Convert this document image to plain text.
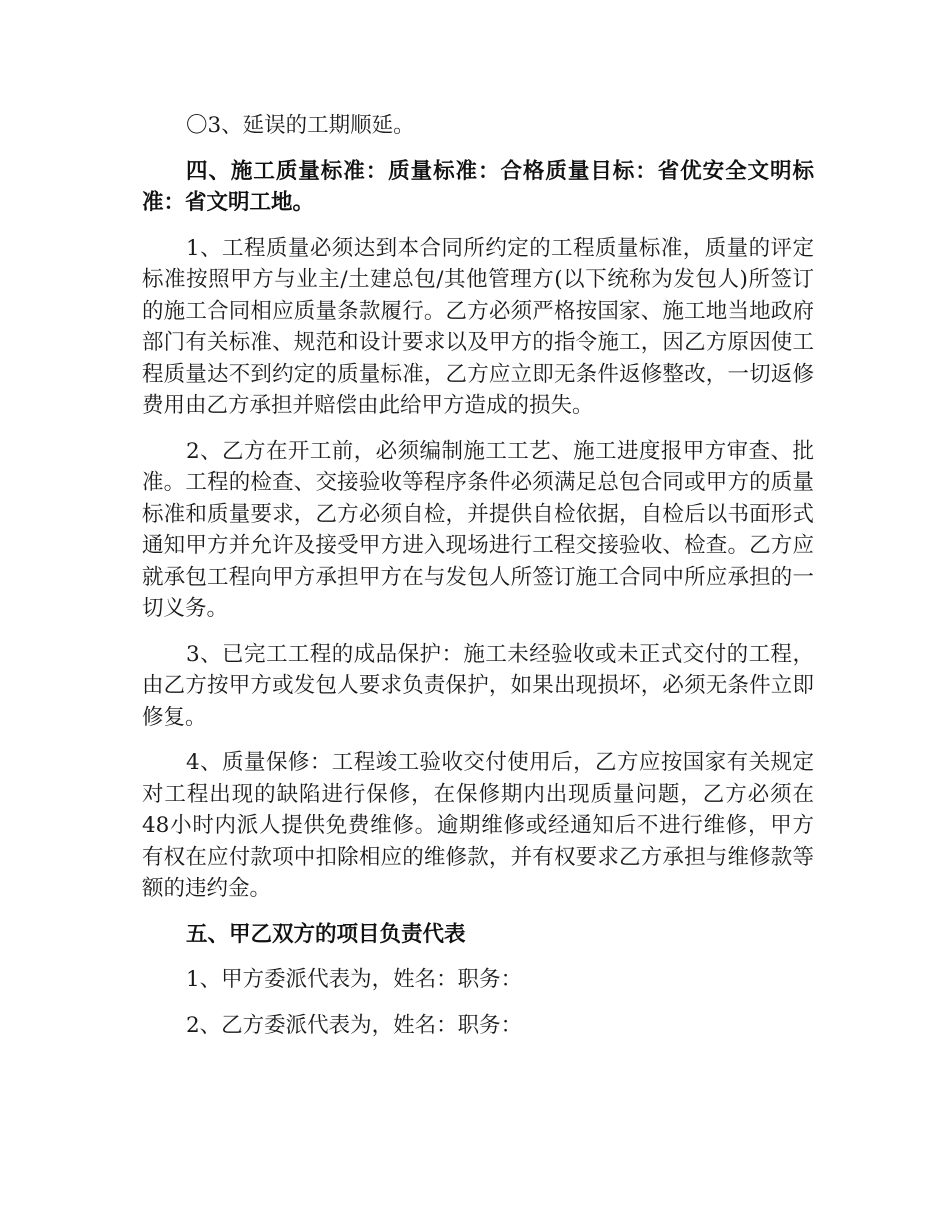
〇3、延误的工期顺延。

四、施工质量标准：质量标准：合格质量目标：省优安全文明标准：省文明工地。

1、工程质量必须达到本合同所约定的工程质量标准，质量的评定标准按照甲方与业主/土建总包/其他管理方(以下统称为发包人)所签订的施工合同相应质量条款履行。乙方必须严格按国家、施工地当地政府部门有关标准、规范和设计要求以及甲方的指令施工，因乙方原因使工程质量达不到约定的质量标准，乙方应立即无条件返修整改，一切返修费用由乙方承担并赔偿由此给甲方造成的损失。

2、乙方在开工前，必须编制施工工艺、施工进度报甲方审查、批准。工程的检查、交接验收等程序条件必须满足总包合同或甲方的质量标准和质量要求，乙方必须自检，并提供自检依据，自检后以书面形式通知甲方并允许及接受甲方进入现场进行工程交接验收、检查。乙方应就承包工程向甲方承担甲方在与发包人所签订施工合同中所应承担的一切义务。

3、已完工工程的成品保护：施工未经验收或未正式交付的工程，由乙方按甲方或发包人要求负责保护，如果出现损坏，必须无条件立即修复。

4、质量保修：工程竣工验收交付使用后，乙方应按国家有关规定对工程出现的缺陷进行保修，在保修期内出现质量问题，乙方必须在48小时内派人提供免费维修。逾期维修或经通知后不进行维修，甲方有权在应付款项中扣除相应的维修款，并有权要求乙方承担与维修款等额的违约金。

五、甲乙双方的项目负责代表

1、甲方委派代表为，姓名：职务：

2、乙方委派代表为，姓名：职务：
